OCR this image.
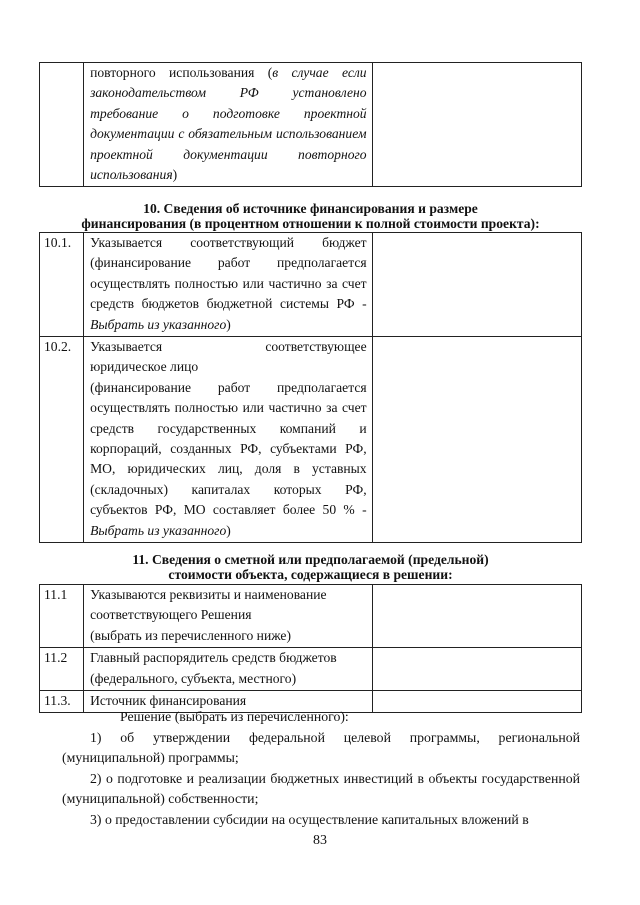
	повторного использования (в случае если законодательством РФ установлено требование о подготовке проектной документации с обязательным использованием проектной документации повторного использования)	
10. Сведения об источнике финансирования и размере
финансирования (в процентном отношении к полной стоимости проекта):
10.1.	Указывается соответствующий бюджет (финансирование работ предполагается осуществлять полностью или частично за счет средств бюджетов бюджетной системы РФ - Выбрать из указанного)	
10.2.	Указывается соответствующее
юридическое лицо
(финансирование работ предполагается осуществлять полностью или частично за счет средств государственных компаний и корпораций, созданных РФ, субъектами РФ, МО, юридических лиц, доля в уставных (складочных) капиталах которых РФ, субъектов РФ, МО составляет более 50 % - Выбрать из указанного)	
11. Сведения о сметной или предполагаемой (предельной)
стоимости объекта, содержащиеся в решении:
11.1	Указываются реквизиты и наименование
соответствующего Решения
(выбрать из перечисленного ниже)	

11.2	Главный распорядитель средств бюджетов
(федерального, субъекта, местного)	

11.3.	Источник финансирования	

Решение (выбрать из перечисленного):

1) об утверждении федеральной целевой программы, региональной (муниципальной) программы;

2) о подготовке и реализации бюджетных инвестиций в объекты государственной (муниципальной) собственности;

3) о предоставлении субсидии на осуществление капитальных вложений в

83
